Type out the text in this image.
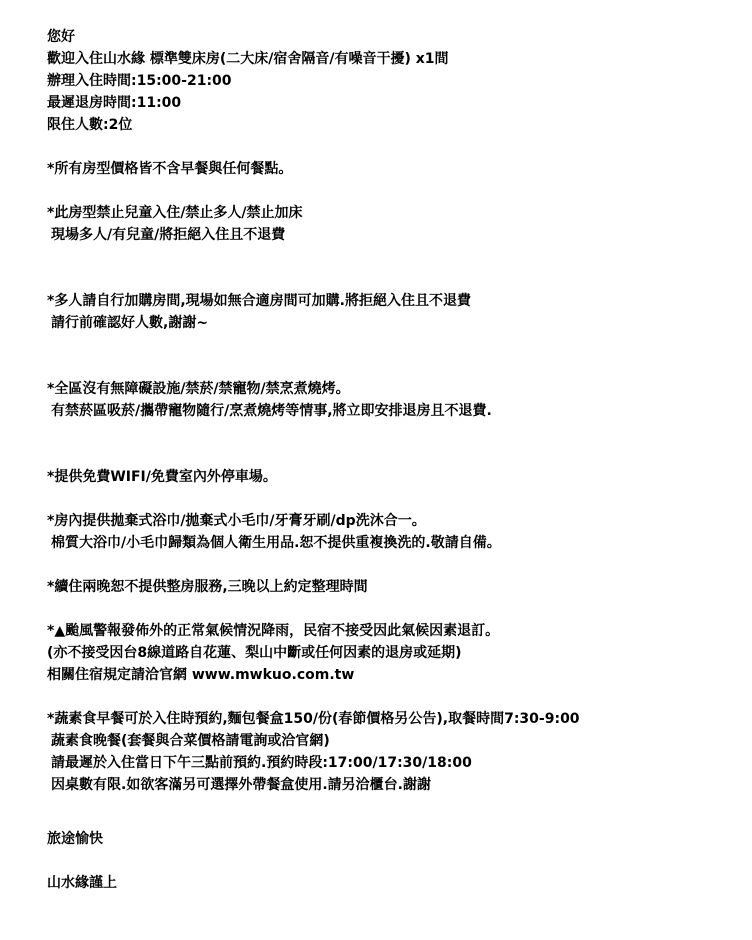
您好
歡迎入住山水緣 標準雙床房(二大床/宿舍隔音/有噪音干擾) x1間
辦理入住時間:15:00-21:00
最遲退房時間:11:00
限住人數:2位
*所有房型價格皆不含早餐與任何餐點。
*此房型禁止兒童入住/禁止多人/禁止加床
現場多人/有兒童/將拒絕入住且不退費
*多人請自行加購房間,現場如無合適房間可加購.將拒絕入住且不退費
請行前確認好人數,謝謝~
*全區沒有無障礙設施/禁菸/禁寵物/禁烹煮燒烤。
有禁菸區吸菸/攜帶寵物隨行/烹煮燒烤等情事,將立即安排退房且不退費.
*提供免費WIFI/免費室內外停車場。
*房內提供拋棄式浴巾/拋棄式小毛巾/牙膏牙刷/dp洗沐合一。
棉質大浴巾/小毛巾歸類為個人衛生用品.恕不提供重複換洗的.敬請自備。
*續住兩晚恕不提供整房服務,三晚以上約定整理時間
*▲颱風警報發佈外的正常氣候情況降雨，民宿不接受因此氣候因素退訂。
(亦不接受因台8線道路自花蓮、梨山中斷或任何因素的退房或延期)
相關住宿規定請洽官網 www.mwkuo.com.tw
*蔬素食早餐可於入住時預約,麵包餐盒150/份(春節價格另公告),取餐時間7:30-9:00
蔬素食晚餐(套餐與合菜價格請電詢或洽官網)
請最遲於入住當日下午三點前預約.預約時段:17:00/17:30/18:00
因桌數有限.如欲客滿另可選擇外帶餐盒使用.請另洽櫃台.謝謝
旅途愉快
山水緣謹上
